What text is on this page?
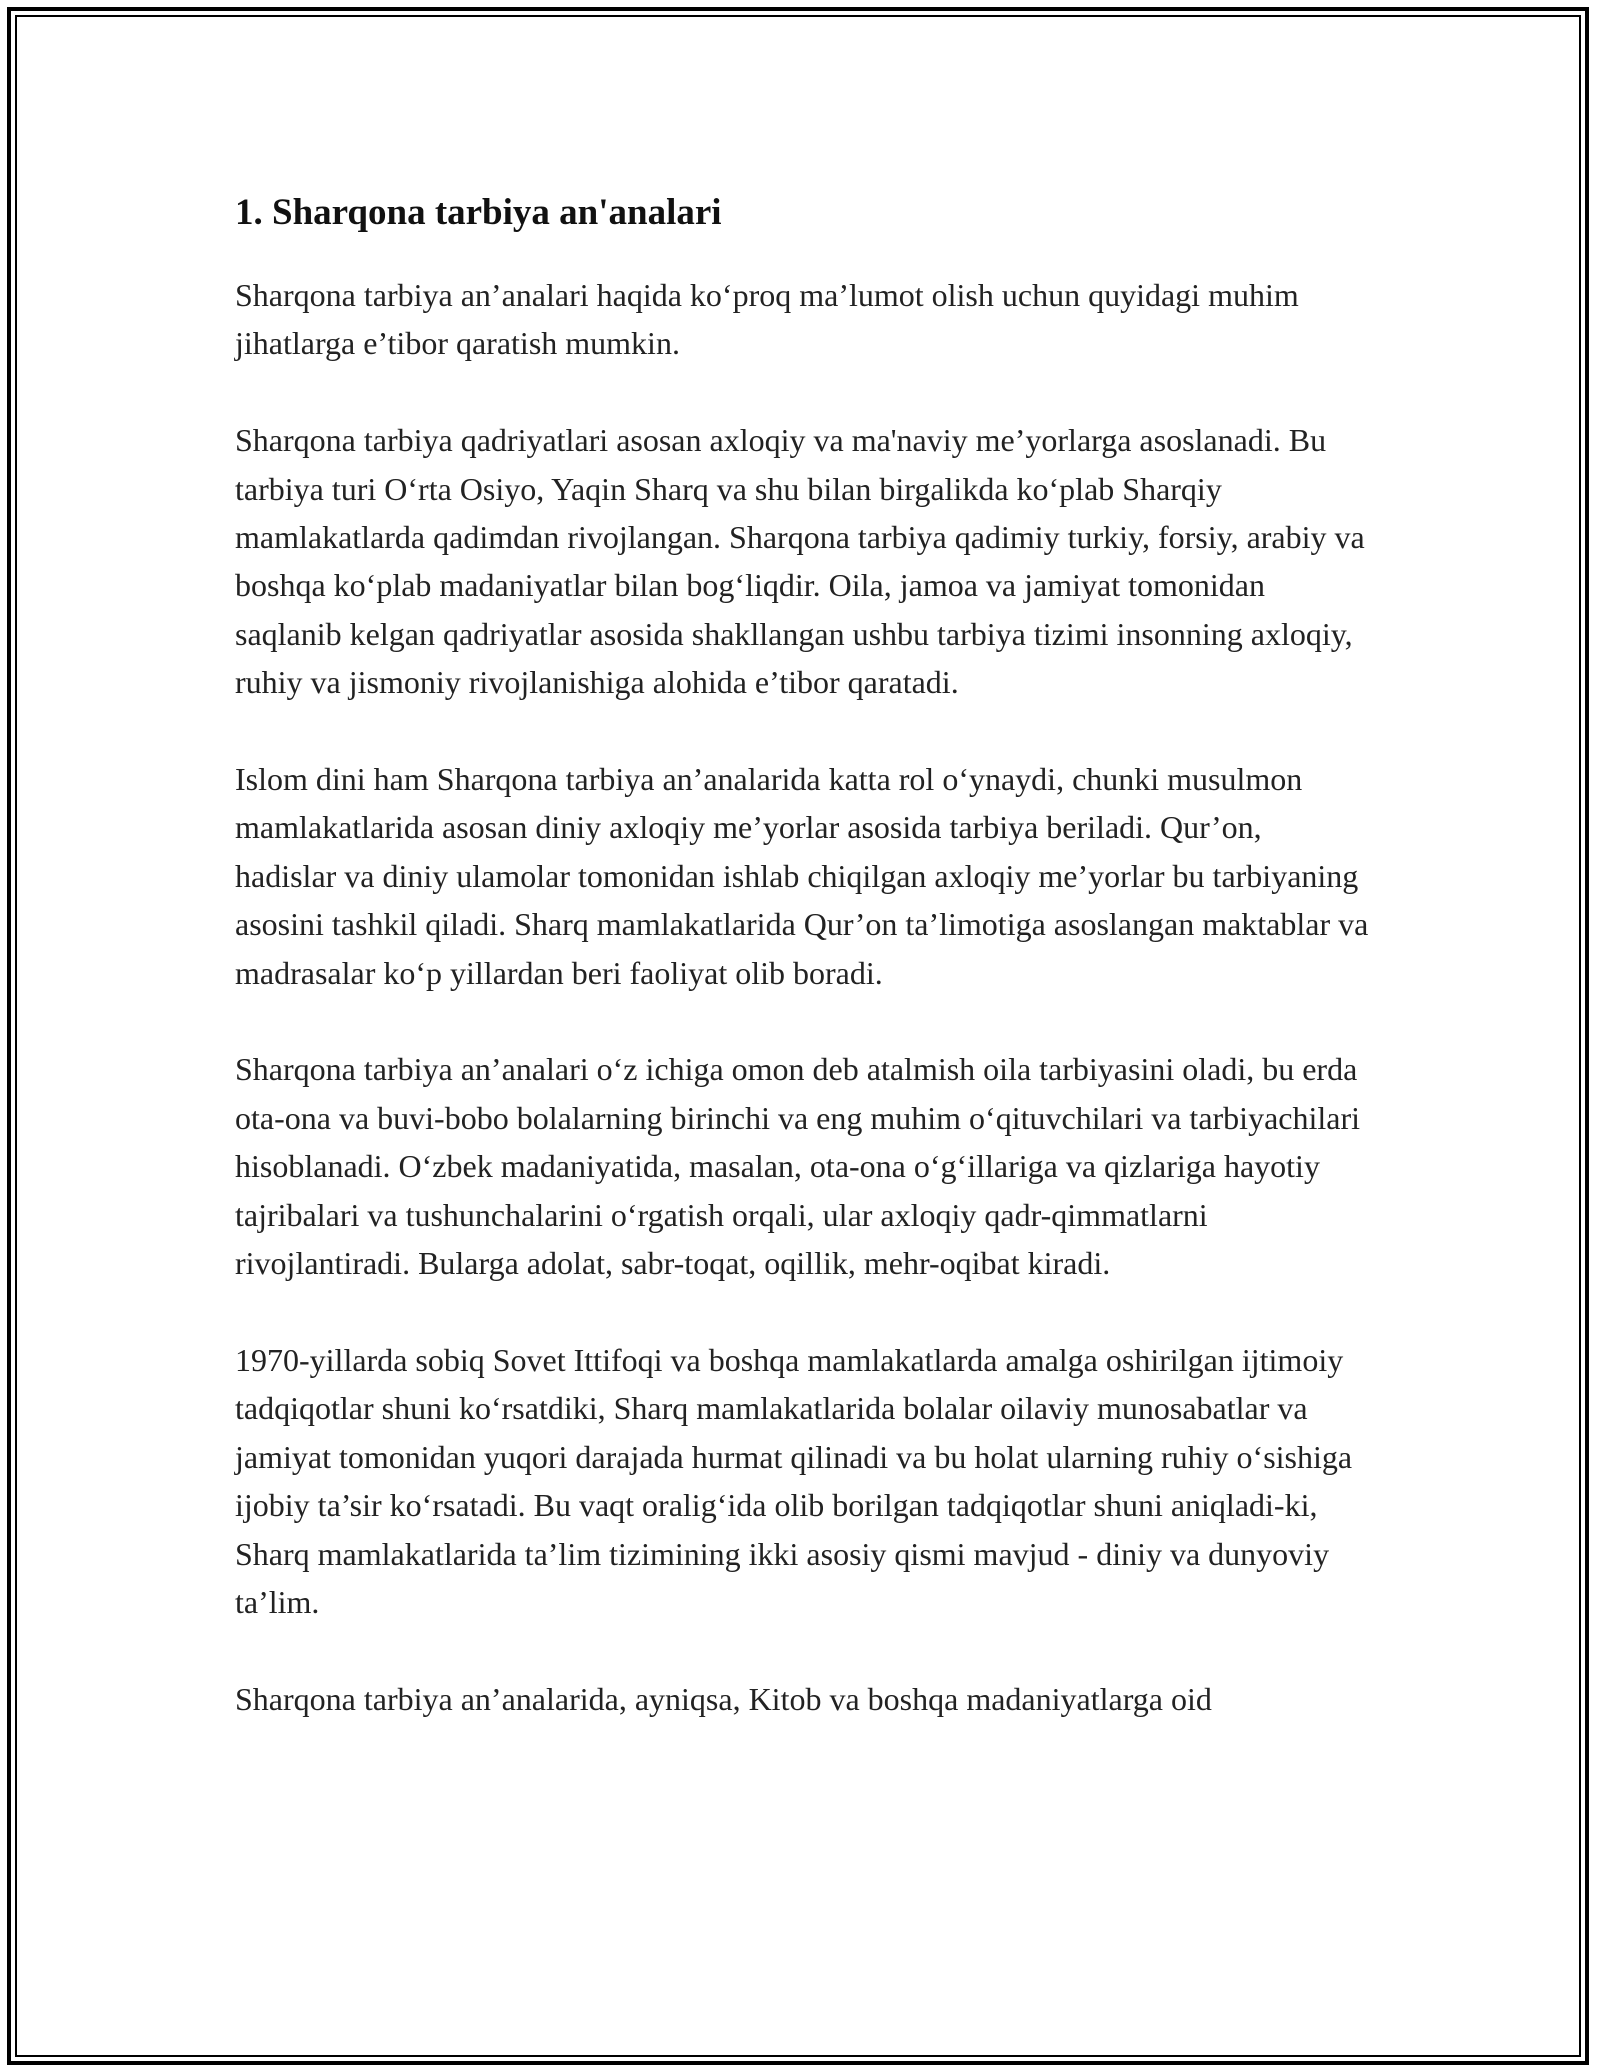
1. Sharqona tarbiya an'analari

Sharqona tarbiya an’analari haqida ko‘proq ma’lumot olish uchun quyidagi muhim jihatlarga e’tibor qaratish mumkin.

Sharqona tarbiya qadriyatlari asosan axloqiy va ma'naviy me’yorlarga asoslanadi. Bu tarbiya turi O‘rta Osiyo, Yaqin Sharq va shu bilan birgalikda ko‘plab Sharqiy mamlakatlarda qadimdan rivojlangan. Sharqona tarbiya qadimiy turkiy, forsiy, arabiy va boshqa ko‘plab madaniyatlar bilan bog‘liqdir. Oila, jamoa va jamiyat tomonidan saqlanib kelgan qadriyatlar asosida shakllangan ushbu tarbiya tizimi insonning axloqiy, ruhiy va jismoniy rivojlanishiga alohida e’tibor qaratadi.

Islom dini ham Sharqona tarbiya an’analarida katta rol o‘ynaydi, chunki musulmon mamlakatlarida asosan diniy axloqiy me’yorlar asosida tarbiya beriladi. Qur’on, hadislar va diniy ulamolar tomonidan ishlab chiqilgan axloqiy me’yorlar bu tarbiyaning asosini tashkil qiladi. Sharq mamlakatlarida Qur’on ta’limotiga asoslangan maktablar va madrasalar ko‘p yillardan beri faoliyat olib boradi.

Sharqona tarbiya an’analari o‘z ichiga omon deb atalmish oila tarbiyasini oladi, bu erda ota-ona va buvi-bobo bolalarning birinchi va eng muhim o‘qituvchilari va tarbiyachilari hisoblanadi. O‘zbek madaniyatida, masalan, ota-ona o‘g‘illariga va qizlariga hayotiy tajribalari va tushunchalarini o‘rgatish orqali, ular axloqiy qadr-qimmatlarni rivojlantiradi. Bularga adolat, sabr-toqat, oqillik, mehr-oqibat kiradi.

1970-yillarda sobiq Sovet Ittifoqi va boshqa mamlakatlarda amalga oshirilgan ijtimoiy tadqiqotlar shuni ko‘rsatdiki, Sharq mamlakatlarida bolalar oilaviy munosabatlar va jamiyat tomonidan yuqori darajada hurmat qilinadi va bu holat ularning ruhiy o‘sishiga ijobiy ta’sir ko‘rsatadi. Bu vaqt oralig‘ida olib borilgan tadqiqotlar shuni aniqladi-ki, Sharq mamlakatlarida ta’lim tizimining ikki asosiy qismi mavjud - diniy va dunyoviy ta’lim.

Sharqona tarbiya an’analarida, ayniqsa, Kitob va boshqa madaniyatlarga oid
